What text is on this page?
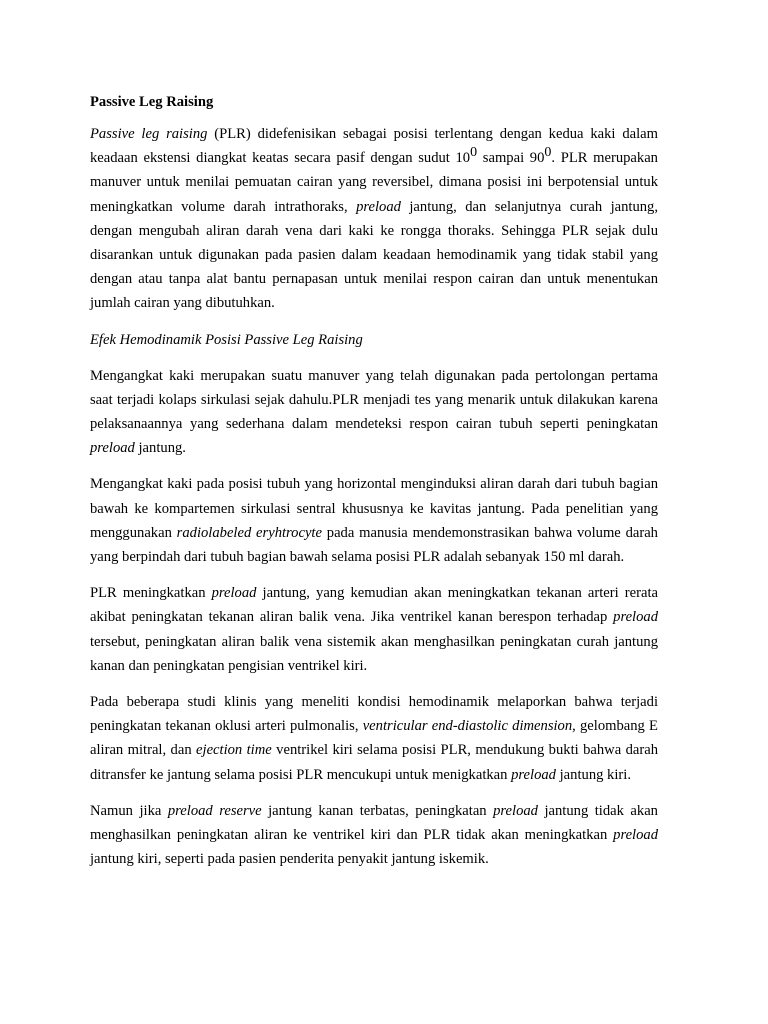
Passive Leg Raising

Passive leg raising (PLR) didefenisikan sebagai posisi terlentang dengan kedua kaki dalam keadaan ekstensi diangkat keatas secara pasif dengan sudut $10^0$ sampai $90^0$. PLR merupakan manuver untuk menilai pemuatan cairan yang reversibel, dimana posisi ini berpotensial untuk meningkatkan volume darah intrathoraks, preload jantung, dan selanjutnya curah jantung, dengan mengubah aliran darah vena dari kaki ke rongga thoraks. Sehingga PLR sejak dulu disarankan untuk digunakan pada pasien dalam keadaan hemodinamik yang tidak stabil yang dengan atau tanpa alat bantu pernapasan untuk menilai respon cairan dan untuk menentukan jumlah cairan yang dibutuhkan.

Efek Hemodinamik Posisi Passive Leg Raising

Mengangkat kaki merupakan suatu manuver yang telah digunakan pada pertolongan pertama saat terjadi kolaps sirkulasi sejak dahulu.PLR menjadi tes yang menarik untuk dilakukan karena pelaksanaannya yang sederhana dalam mendeteksi respon cairan tubuh seperti peningkatan preload jantung.

Mengangkat kaki pada posisi tubuh yang horizontal menginduksi aliran darah dari tubuh bagian bawah ke kompartemen sirkulasi sentral khususnya ke kavitas jantung. Pada penelitian yang menggunakan radiolabeled eryhtrocyte pada manusia mendemonstrasikan bahwa volume darah yang berpindah dari tubuh bagian bawah selama posisi PLR adalah sebanyak 150 ml darah.

PLR meningkatkan preload jantung, yang kemudian akan meningkatkan tekanan arteri rerata akibat peningkatan tekanan aliran balik vena. Jika ventrikel kanan berespon terhadap preload tersebut, peningkatan aliran balik vena sistemik akan menghasilkan peningkatan curah jantung kanan dan peningkatan pengisian ventrikel kiri.

Pada beberapa studi klinis yang meneliti kondisi hemodinamik melaporkan bahwa terjadi peningkatan tekanan oklusi arteri pulmonalis, ventricular end-diastolic dimension, gelombang E aliran mitral, dan ejection time ventrikel kiri selama posisi PLR, mendukung bukti bahwa darah ditransfer ke jantung selama posisi PLR mencukupi untuk menigkatkan preload jantung kiri.

Namun jika preload reserve jantung kanan terbatas, peningkatan preload jantung tidak akan menghasilkan peningkatan aliran ke ventrikel kiri dan PLR tidak akan meningkatkan preload jantung kiri, seperti pada pasien penderita penyakit jantung iskemik.
